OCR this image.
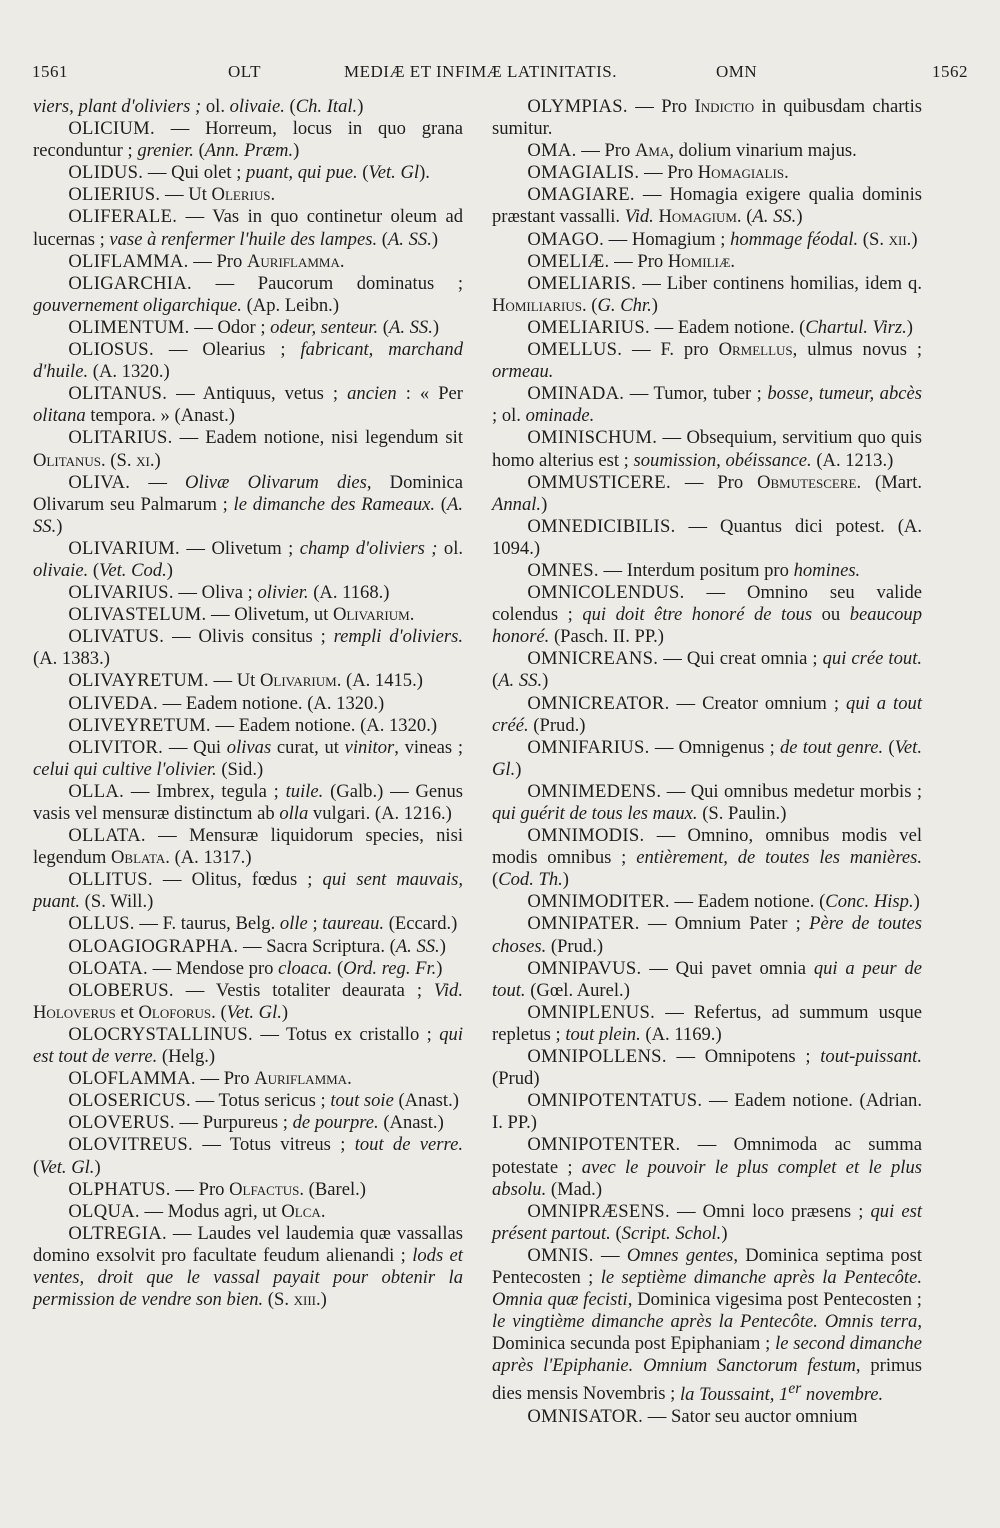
1561	OLT	MEDIÆ ET INFIMÆ LATINITATIS.	OMN	1562

viers, plant d'oliviers ; ol. olivaie. (Ch. Ital.)

OLICIUM. — Horreum, locus in quo grana reconduntur ; grenier. (Ann. Præm.)

OLIDUS. — Qui olet ; puant, qui pue. (Vet. Gl).

OLIERIUS. — Ut Olerius.

OLIFERALE. — Vas in quo continetur oleum ad lucernas ; vase à renfermer l'huile des lampes. (A. SS.)

OLIFLAMMA. — Pro Auriflamma.

OLIGARCHIA. — Paucorum dominatus ; gouvernement oligarchique. (Ap. Leibn.)

OLIMENTUM. — Odor ; odeur, senteur. (A. SS.)

OLIOSUS. — Olearius ; fabricant, marchand d'huile. (A. 1320.)

OLITANUS. — Antiquus, vetus ; ancien : « Per olitana tempora. » (Anast.)

OLITARIUS. — Eadem notione, nisi legendum sit Olitanus. (S. xi.)

OLIVA. — Olivæ Olivarum dies, Dominica Olivarum seu Palmarum ; le dimanche des Rameaux. (A. SS.)

OLIVARIUM. — Olivetum ; champ d'oliviers ; ol. olivaie. (Vet. Cod.)

OLIVARIUS. — Oliva ; olivier. (A. 1168.)

OLIVASTELUM. — Olivetum, ut Olivarium.

OLIVATUS. — Olivis consitus ; rempli d'oliviers. (A. 1383.)

OLIVAYRETUM. — Ut Olivarium. (A. 1415.)

OLIVEDA. — Eadem notione. (A. 1320.)

OLIVEYRETUM. — Eadem notione. (A. 1320.)

OLIVITOR. — Qui olivas curat, ut vinitor, vineas ; celui qui cultive l'olivier. (Sid.)

OLLA. — Imbrex, tegula ; tuile. (Galb.) — Genus vasis vel mensuræ distinctum ab olla vulgari. (A. 1216.)

OLLATA. — Mensuræ liquidorum species, nisi legendum Oblata. (A. 1317.)

OLLITUS. — Olitus, fœdus ; qui sent mauvais, puant. (S. Will.)

OLLUS. — F. taurus, Belg. olle ; taureau. (Eccard.)

OLOAGIOGRAPHA. — Sacra Scriptura. (A. SS.)

OLOATA. — Mendose pro cloaca. (Ord. reg. Fr.)

OLOBERUS. — Vestis totaliter deaurata ; Vid. Holoverus et Oloforus. (Vet. Gl.)

OLOCRYSTALLINUS. — Totus ex cristallo ; qui est tout de verre. (Helg.)

OLOFLAMMA. — Pro Auriflamma.

OLOSERICUS. — Totus sericus ; tout soie (Anast.)

OLOVERUS. — Purpureus ; de pourpre. (Anast.)

OLOVITREUS. — Totus vitreus ; tout de verre. (Vet. Gl.)

OLPHATUS. — Pro Olfactus. (Barel.)

OLQUA. — Modus agri, ut Olca.

OLTREGIA. — Laudes vel laudemia quæ vassallas domino exsolvit pro facultate feudum alienandi ; lods et ventes, droit que le vassal payait pour obtenir la permission de vendre son bien. (S. xiii.)

OLYMPIAS. — Pro Indictio in quibusdam chartis sumitur.

OMA. — Pro Ama, dolium vinarium majus.

OMAGIALIS. — Pro Homagialis.

OMAGIARE. — Homagia exigere qualia dominis præstant vassalli. Vid. Homagium. (A. SS.)

OMAGO. — Homagium ; hommage féodal. (S. xii.)

OMELIÆ. — Pro Homiliæ.

OMELIARIS. — Liber continens homilias, idem q. Homiliarius. (G. Chr.)

OMELIARIUS. — Eadem notione. (Chartul. Virz.)

OMELLUS. — F. pro Ormellus, ulmus novus ; ormeau.

OMINADA. — Tumor, tuber ; bosse, tumeur, abcès ; ol. ominade.

OMINISCHUM. — Obsequium, servitium quo quis homo alterius est ; soumission, obéissance. (A. 1213.)

OMMUSTICERE. — Pro Obmutescere. (Mart. Annal.)

OMNEDICIBILIS. — Quantus dici potest. (A. 1094.)

OMNES. — Interdum positum pro homines.

OMNICOLENDUS. — Omnino seu valide colendus ; qui doit être honoré de tous ou beaucoup honoré. (Pasch. II. PP.)

OMNICREANS. — Qui creat omnia ; qui crée tout. (A. SS.)

OMNICREATOR. — Creator omnium ; qui a tout créé. (Prud.)

OMNIFARIUS. — Omnigenus ; de tout genre. (Vet. Gl.)

OMNIMEDENS. — Qui omnibus medetur morbis ; qui guérit de tous les maux. (S. Paulin.)

OMNIMODIS. — Omnino, omnibus modis vel modis omnibus ; entièrement, de toutes les manières. (Cod. Th.)

OMNIMODITER. — Eadem notione. (Conc. Hisp.)

OMNIPATER. — Omnium Pater ; Père de toutes choses. (Prud.)

OMNIPAVUS. — Qui pavet omnia qui a peur de tout. (Gœl. Aurel.)

OMNIPLENUS. — Refertus, ad summum usque repletus ; tout plein. (A. 1169.)

OMNIPOLLENS. — Omnipotens ; tout-puissant. (Prud)

OMNIPOTENTATUS. — Eadem notione. (Adrian. I. PP.)

OMNIPOTENTER. — Omnimoda ac summa potestate ; avec le pouvoir le plus complet et le plus absolu. (Mad.)

OMNIPRÆSENS. — Omni loco præsens ; qui est présent partout. (Script. Schol.)

OMNIS. — Omnes gentes, Dominica septima post Pentecosten ; le septième dimanche après la Pentecôte. Omnia quæ fecisti, Dominica vigesima post Pentecosten ; le vingtième dimanche après la Pentecôte. Omnis terra, Dominica secunda post Epiphaniam ; le second dimanche après l'Epiphanie. Omnium Sanctorum festum, primus dies mensis Novembris ; la Toussaint, 1er novembre.

OMNISATOR. — Sator seu auctor omnium
